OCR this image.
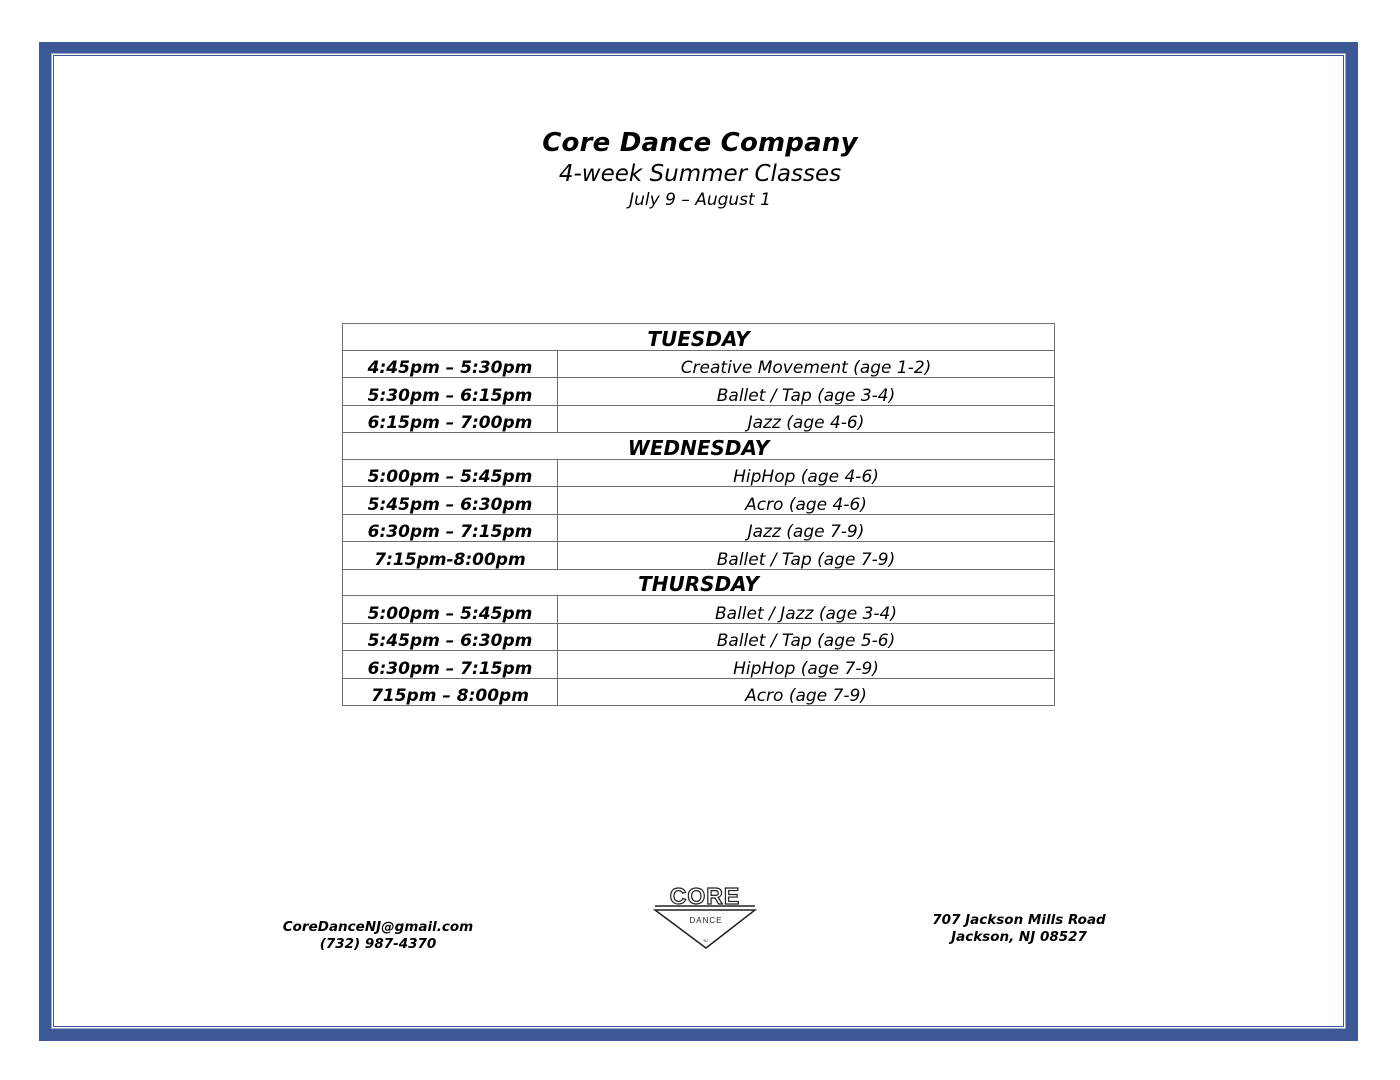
Core Dance Company
4-week Summer Classes
July 9 – August 1
TUESDAY	
4:45pm – 5:30pm	Creative Movement (age 1-2)
5:30pm – 6:15pm	Ballet / Tap (age 3-4)
6:15pm – 7:00pm	Jazz (age 4-6)
WEDNESDAY	
5:00pm – 5:45pm	HipHop (age 4-6)
5:45pm – 6:30pm	Acro (age 4-6)
6:30pm – 7:15pm	Jazz (age 7-9)
7:15pm-8:00pm	Ballet / Tap (age 7-9)
THURSDAY	
5:00pm – 5:45pm	Ballet / Jazz (age 3-4)
5:45pm – 6:30pm	Ballet / Tap (age 5-6)
6:30pm – 7:15pm	HipHop (age 7-9)
715pm – 8:00pm	Acro (age 7-9)
CoreDanceNJ@gmail.com
(732) 987-4370
CORE
DANCE
NJ
707 Jackson Mills Road
Jackson, NJ 08527
